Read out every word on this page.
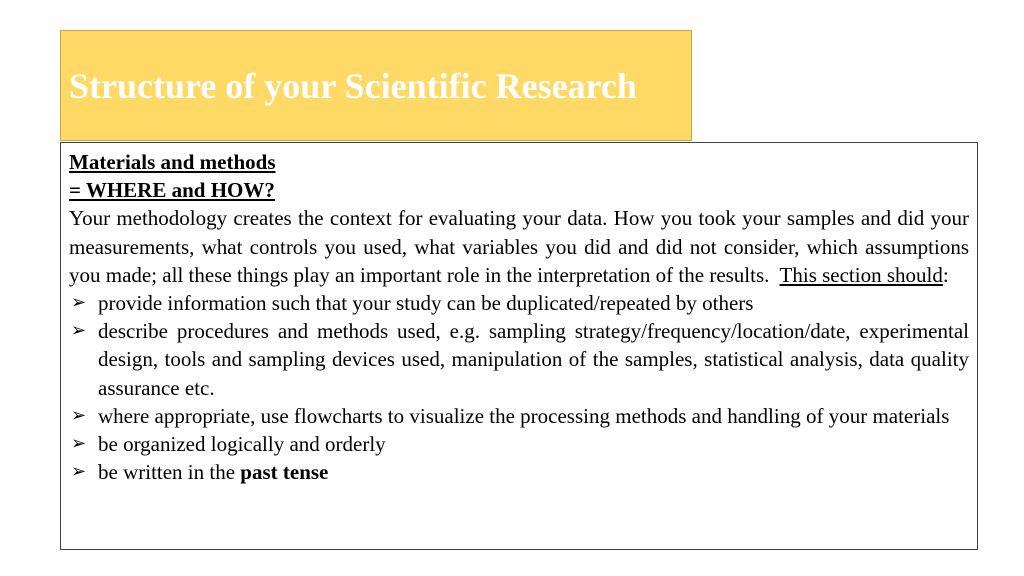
Structure of your Scientific Research
Materials and methods
= WHERE and HOW?

Your methodology creates the context for evaluating your data. How you took your samples and did your measurements, what controls you used, what variables you did and did not consider, which assumptions you made; all these things play an important role in the interpretation of the results. This section should:

➢ provide information such that your study can be duplicated/repeated by others
➢ describe procedures and methods used, e.g. sampling strategy/frequency/location/date, experimental design, tools and sampling devices used, manipulation of the samples, statistical analysis, data quality assurance etc.
➢ where appropriate, use flowcharts to visualize the processing methods and handling of your materials
➢ be organized logically and orderly
➢ be written in the past tense
